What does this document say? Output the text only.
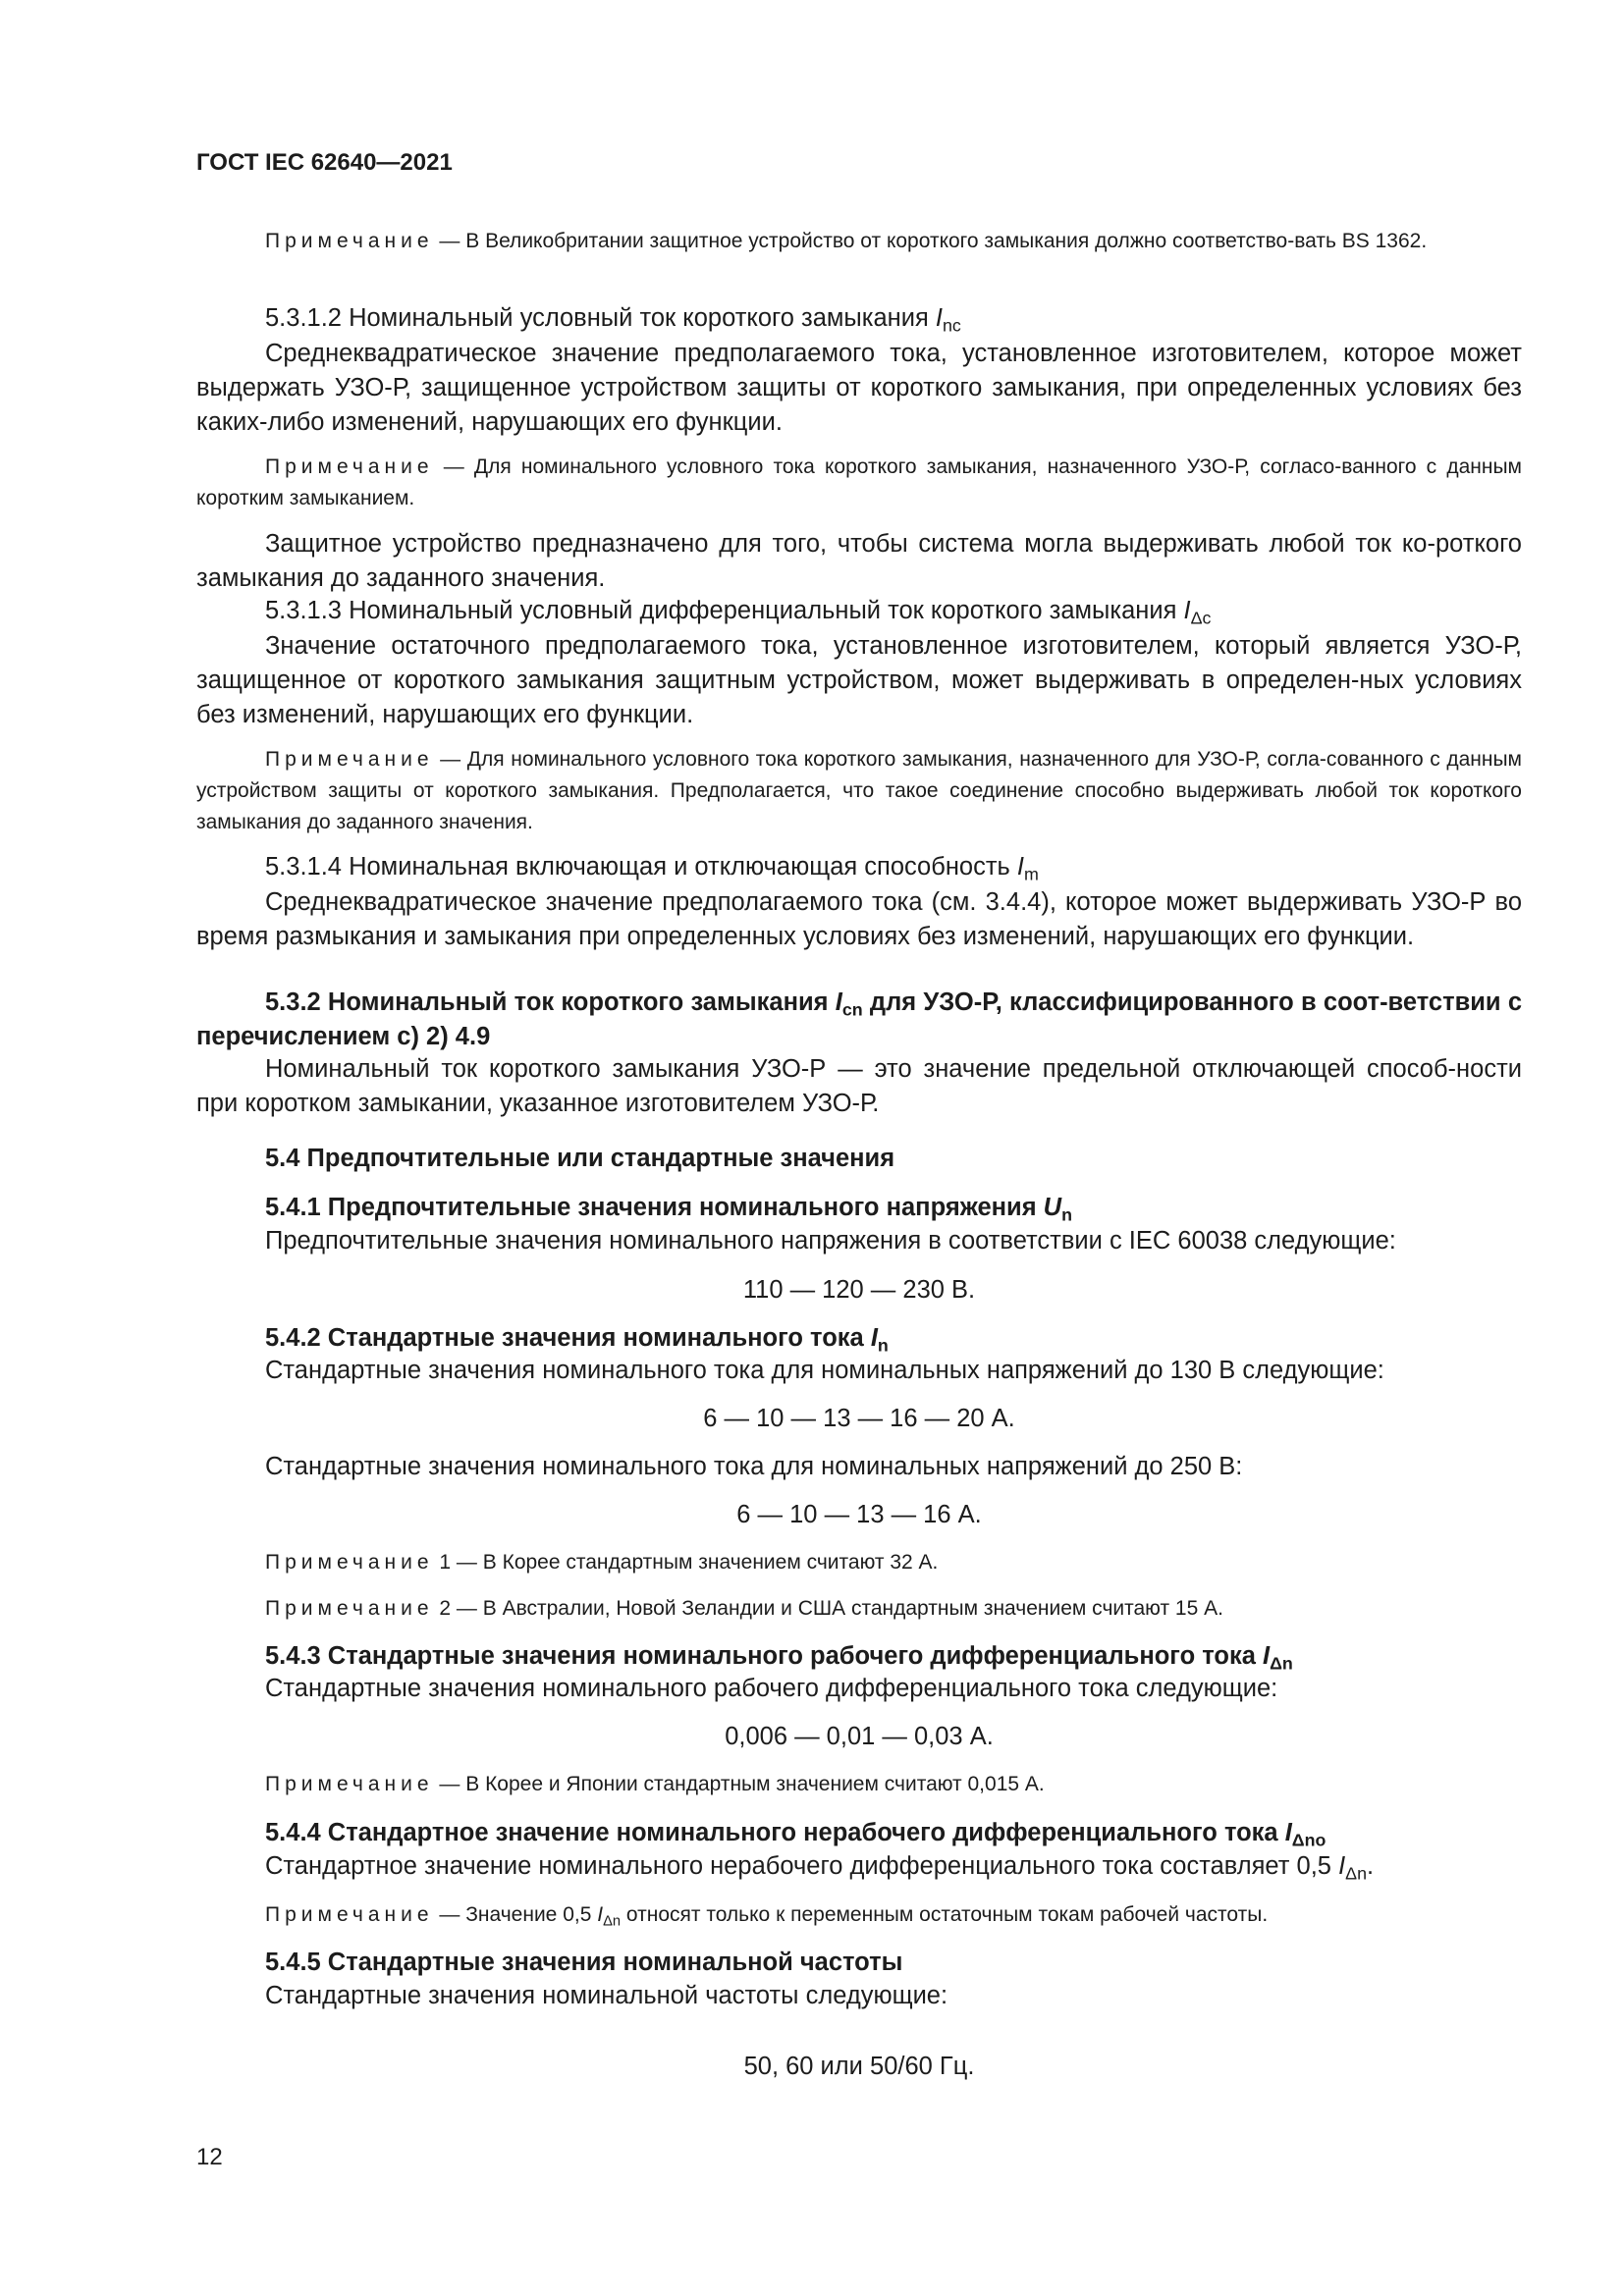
ГОСТ IEC 62640—2021

Примечание — В Великобритании защитное устройство от короткого замыкания должно соответство-вать BS 1362.

5.3.1.2 Номинальный условный ток короткого замыкания $I_{nc}$

Среднеквадратическое значение предполагаемого тока, установленное изготовителем, которое может выдержать УЗО-Р, защищенное устройством защиты от короткого замыкания, при определенных условиях без каких-либо изменений, нарушающих его функции.

Примечание — Для номинального условного тока короткого замыкания, назначенного УЗО-Р, согласо-ванного с данным коротким замыканием.

Защитное устройство предназначено для того, чтобы система могла выдерживать любой ток ко-роткого замыкания до заданного значения.

5.3.1.3 Номинальный условный дифференциальный ток короткого замыкания $I_{\Delta c}$

Значение остаточного предполагаемого тока, установленное изготовителем, который является УЗО-Р, защищенное от короткого замыкания защитным устройством, может выдерживать в определен-ных условиях без изменений, нарушающих его функции.

Примечание — Для номинального условного тока короткого замыкания, назначенного для УЗО-Р, согла-сованного с данным устройством защиты от короткого замыкания. Предполагается, что такое соединение способно выдерживать любой ток короткого замыкания до заданного значения.

5.3.1.4 Номинальная включающая и отключающая способность $I_m$

Среднеквадратическое значение предполагаемого тока (см. 3.4.4), которое может выдерживать УЗО-Р во время размыкания и замыкания при определенных условиях без изменений, нарушающих его функции.

5.3.2 Номинальный ток короткого замыкания $I_{cn}$ для УЗО-Р, классифицированного в соот-ветствии с перечислением с) 2) 4.9

Номинальный ток короткого замыкания УЗО-Р — это значение предельной отключающей способ-ности при коротком замыкании, указанное изготовителем УЗО-Р.

5.4 Предпочтительные или стандартные значения

5.4.1 Предпочтительные значения номинального напряжения $U_n$

Предпочтительные значения номинального напряжения в соответствии с IEC 60038 следующие:

110 — 120 — 230 В.

5.4.2 Стандартные значения номинального тока $I_n$

Стандартные значения номинального тока для номинальных напряжений до 130 В следующие:

6 — 10 — 13 — 16 — 20 А.

Стандартные значения номинального тока для номинальных напряжений до 250 В:

6 — 10 — 13 — 16 А.

Примечание 1 — В Корее стандартным значением считают 32 А.

Примечание 2 — В Австралии, Новой Зеландии и США стандартным значением считают 15 А.

5.4.3 Стандартные значения номинального рабочего дифференциального тока $I_{\Delta n}$

Стандартные значения номинального рабочего дифференциального тока следующие:

0,006 — 0,01 — 0,03 А.

Примечание — В Корее и Японии стандартным значением считают 0,015 А.

5.4.4 Стандартное значение номинального нерабочего дифференциального тока $I_{\Delta no}$

Стандартное значение номинального нерабочего дифференциального тока составляет 0,5 $I_{\Delta n}$.

Примечание — Значение 0,5 $I_{\Delta n}$ относят только к переменным остаточным токам рабочей частоты.

5.4.5 Стандартные значения номинальной частоты

Стандартные значения номинальной частоты следующие:

50, 60 или 50/60 Гц.

12
